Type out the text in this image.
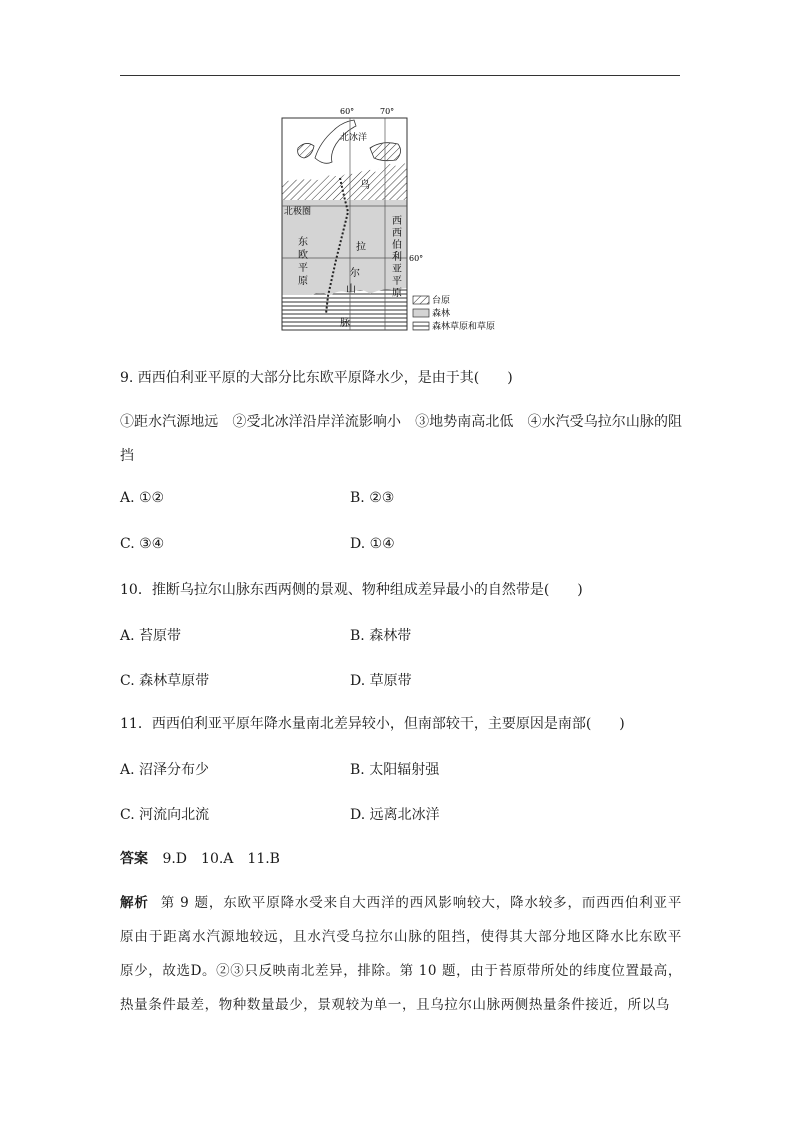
60°	70°
60°
北冰洋
北极圈
乌
拉
尔
山
脉
东
欧
平
原
西
西
伯
利
亚
平
原
台原
森林
森林草原和草原
9. 西西伯利亚平原的大部分比东欧平原降水少，是由于其(　　)
①距水汽源地远　②受北冰洋沿岸洋流影响小　③地势南高北低　④水汽受乌拉尔山脉的阻挡
A. ①②	B. ②③
C. ③④	D. ①④
10．推断乌拉尔山脉东西两侧的景观、物种组成差异最小的自然带是(　　)
A. 苔原带	B. 森林带
C. 森林草原带	D. 草原带
11．西西伯利亚平原年降水量南北差异较小，但南部较干，主要原因是南部(　　)
A. 沼泽分布少	B. 太阳辐射强
C. 河流向北流	D. 远离北冰洋
答案 9.D　10.A　11.B
解析 第 9 题，东欧平原降水受来自大西洋的西风影响较大，降水较多，而西西伯利亚平原由于距离水汽源地较远，且水汽受乌拉尔山脉的阻挡，使得其大部分地区降水比东欧平原少，故选D。②③只反映南北差异，排除。第 10 题，由于苔原带所处的纬度位置最高，热量条件最差，物种数量最少，景观较为单一，且乌拉尔山脉两侧热量条件接近，所以乌
